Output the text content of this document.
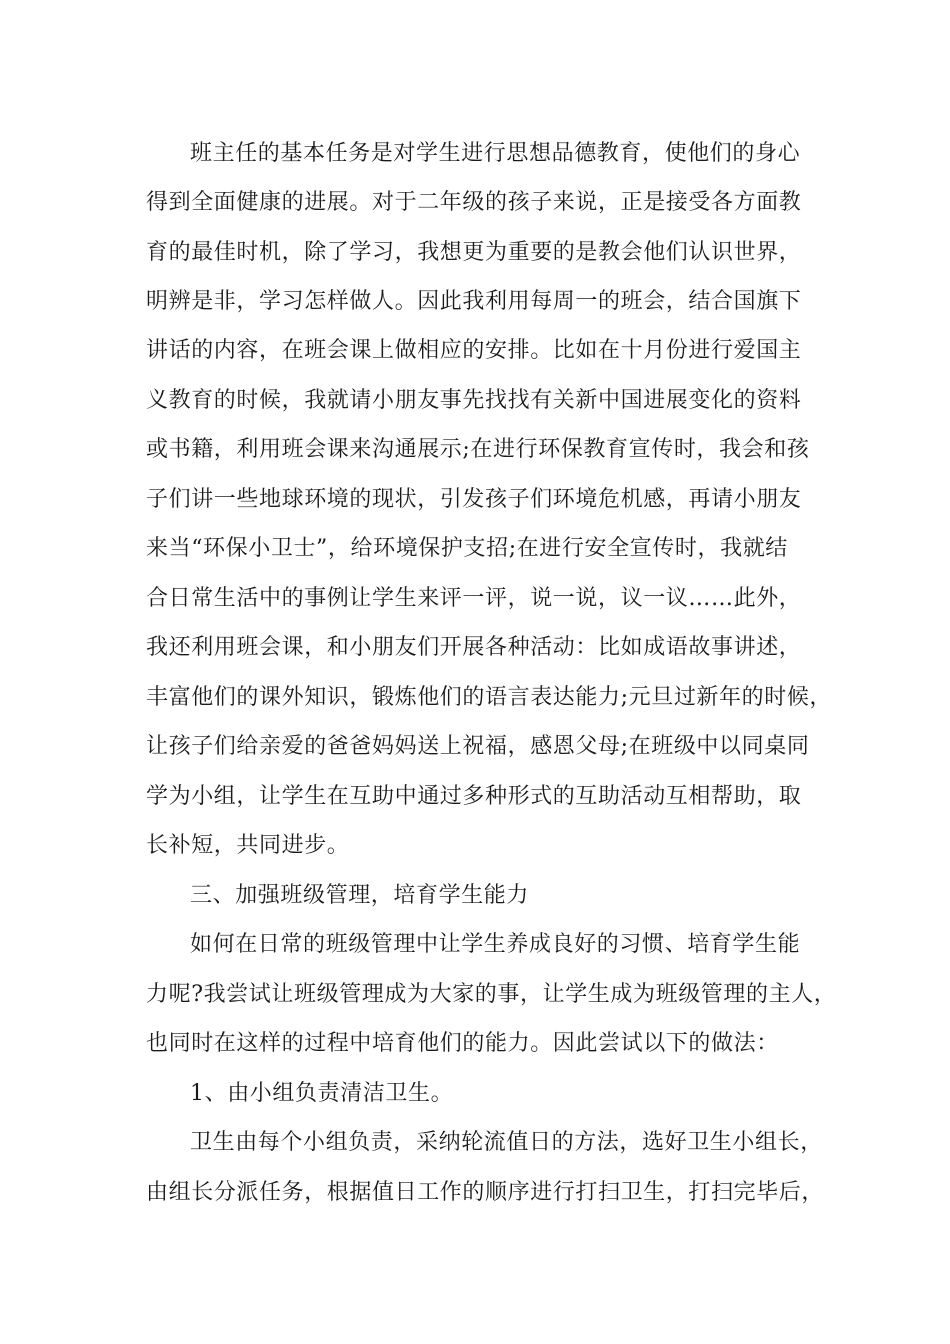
班主任的基本任务是对学生进行思想品德教育，使他们的身心
得到全面健康的进展。对于二年级的孩子来说，正是接受各方面教
育的最佳时机，除了学习，我想更为重要的是教会他们认识世界，
明辨是非，学习怎样做人。因此我利用每周一的班会，结合国旗下
讲话的内容，在班会课上做相应的安排。比如在十月份进行爱国主
义教育的时候，我就请小朋友事先找找有关新中国进展变化的资料
或书籍，利用班会课来沟通展示;在进行环保教育宣传时，我会和孩
子们讲一些地球环境的现状，引发孩子们环境危机感，再请小朋友
来当“环保小卫士”，给环境保护支招;在进行安全宣传时，我就结
合日常生活中的事例让学生来评一评，说一说，议一议……此外，
我还利用班会课，和小朋友们开展各种活动：比如成语故事讲述，
丰富他们的课外知识，锻炼他们的语言表达能力;元旦过新年的时候，
让孩子们给亲爱的爸爸妈妈送上祝福，感恩父母;在班级中以同桌同
学为小组，让学生在互助中通过多种形式的互助活动互相帮助，取
长补短，共同进步。
三、加强班级管理，培育学生能力
如何在日常的班级管理中让学生养成良好的习惯、培育学生能
力呢?我尝试让班级管理成为大家的事，让学生成为班级管理的主人，
也同时在这样的过程中培育他们的能力。因此尝试以下的做法：
1、由小组负责清洁卫生。
卫生由每个小组负责，采纳轮流值日的方法，选好卫生小组长，
由组长分派任务，根据值日工作的顺序进行打扫卫生，打扫完毕后，
